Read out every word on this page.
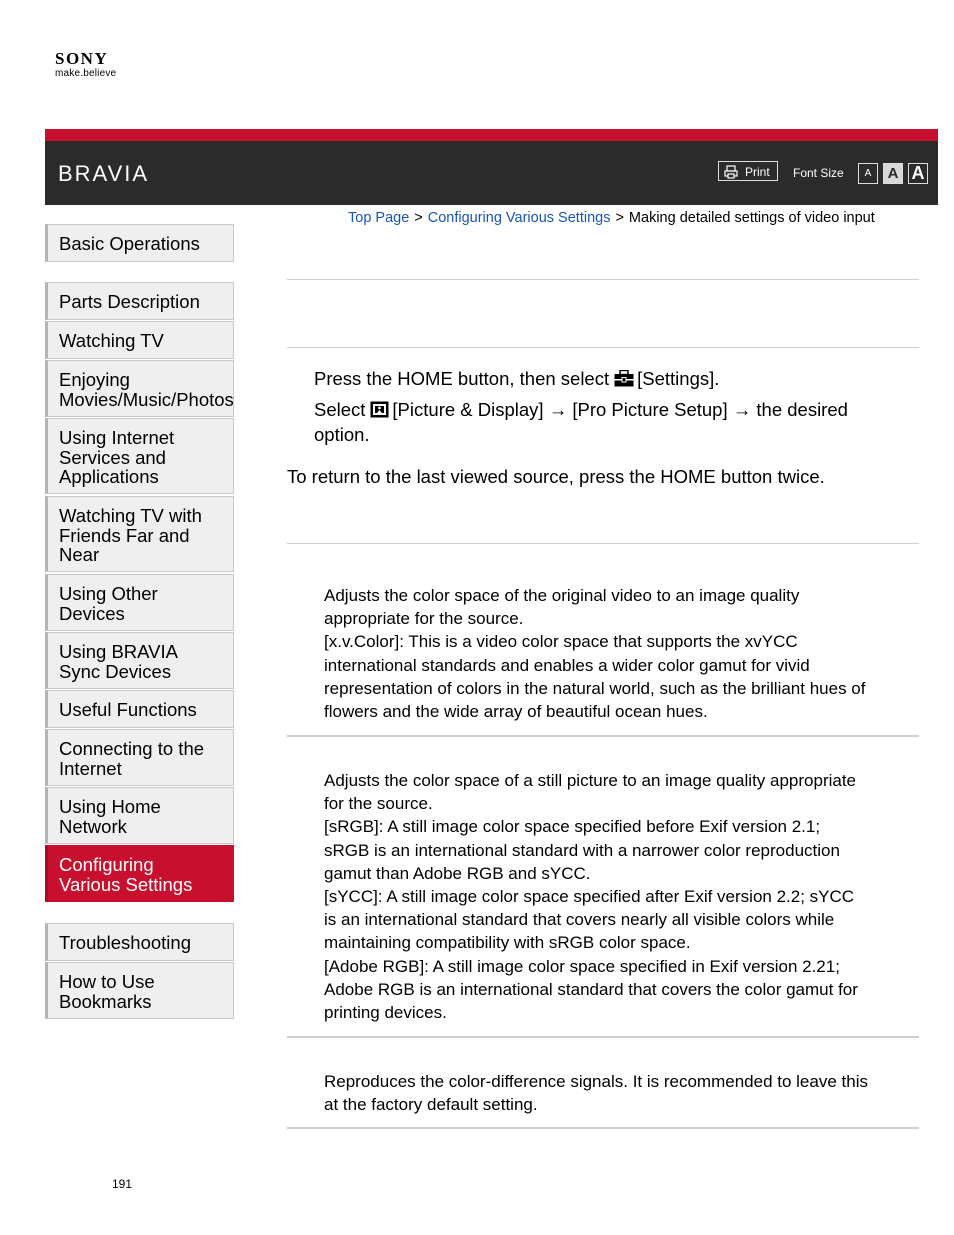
SONY
make.believe
BRAVIA	Print Font Size	A	A A
Top Page > Configuring Various Settings > Making detailed settings of video input
Basic Operations
Parts Description
Watching TV
Enjoying Movies/Music/Photos
Using Internet Services and Applications
Watching TV with Friends Far and Near
Using Other Devices
Using BRAVIA Sync Devices
Useful Functions
Connecting to the Internet
Using Home Network
Configuring Various Settings
Troubleshooting
How to Use Bookmarks
Press the HOME button, then select [Settings].
Select [Picture & Display] → [Pro Picture Setup] → the desired
option.
To return to the last viewed source, press the HOME button twice.
Adjusts the color space of the original video to an image quality
appropriate for the source.
[x.v.Color]: This is a video color space that supports the xvYCC
international standards and enables a wider color gamut for vivid
representation of colors in the natural world, such as the brilliant hues of
flowers and the wide array of beautiful ocean hues.
Adjusts the color space of a still picture to an image quality appropriate
for the source.
[sRGB]: A still image color space specified before Exif version 2.1;
sRGB is an international standard with a narrower color reproduction
gamut than Adobe RGB and sYCC.
[sYCC]: A still image color space specified after Exif version 2.2; sYCC
is an international standard that covers nearly all visible colors while
maintaining compatibility with sRGB color space.
[Adobe RGB]: A still image color space specified in Exif version 2.21;
Adobe RGB is an international standard that covers the color gamut for
printing devices.
Reproduces the color-difference signals. It is recommended to leave this
at the factory default setting.
191
